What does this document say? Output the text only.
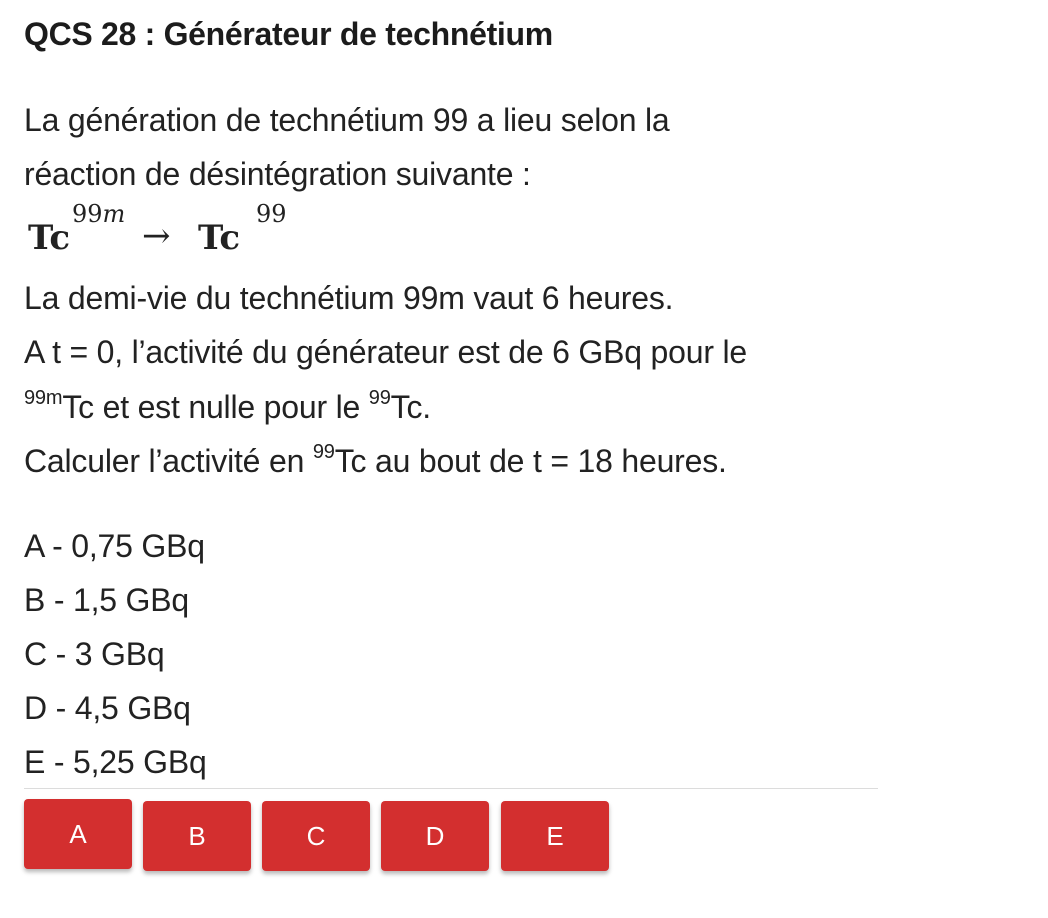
QCS 28 : Générateur de technétium
La génération de technétium 99 a lieu selon la
réaction de désintégration suivante :
Tc
99m
→ Tc
99
La demi-vie du technétium 99m vaut 6 heures.
A t = 0, l’activité du générateur est de 6 GBq pour le
$^{99m}$Tc et est nulle pour le $^{99}$Tc.
Calculer l’activité en $^{99}$Tc au bout de t = 18 heures.
A - 0,75 GBq
B - 1,5 GBq
C - 3 GBq
D - 4,5 GBq
E - 5,25 GBq
A	B	C	D	E
